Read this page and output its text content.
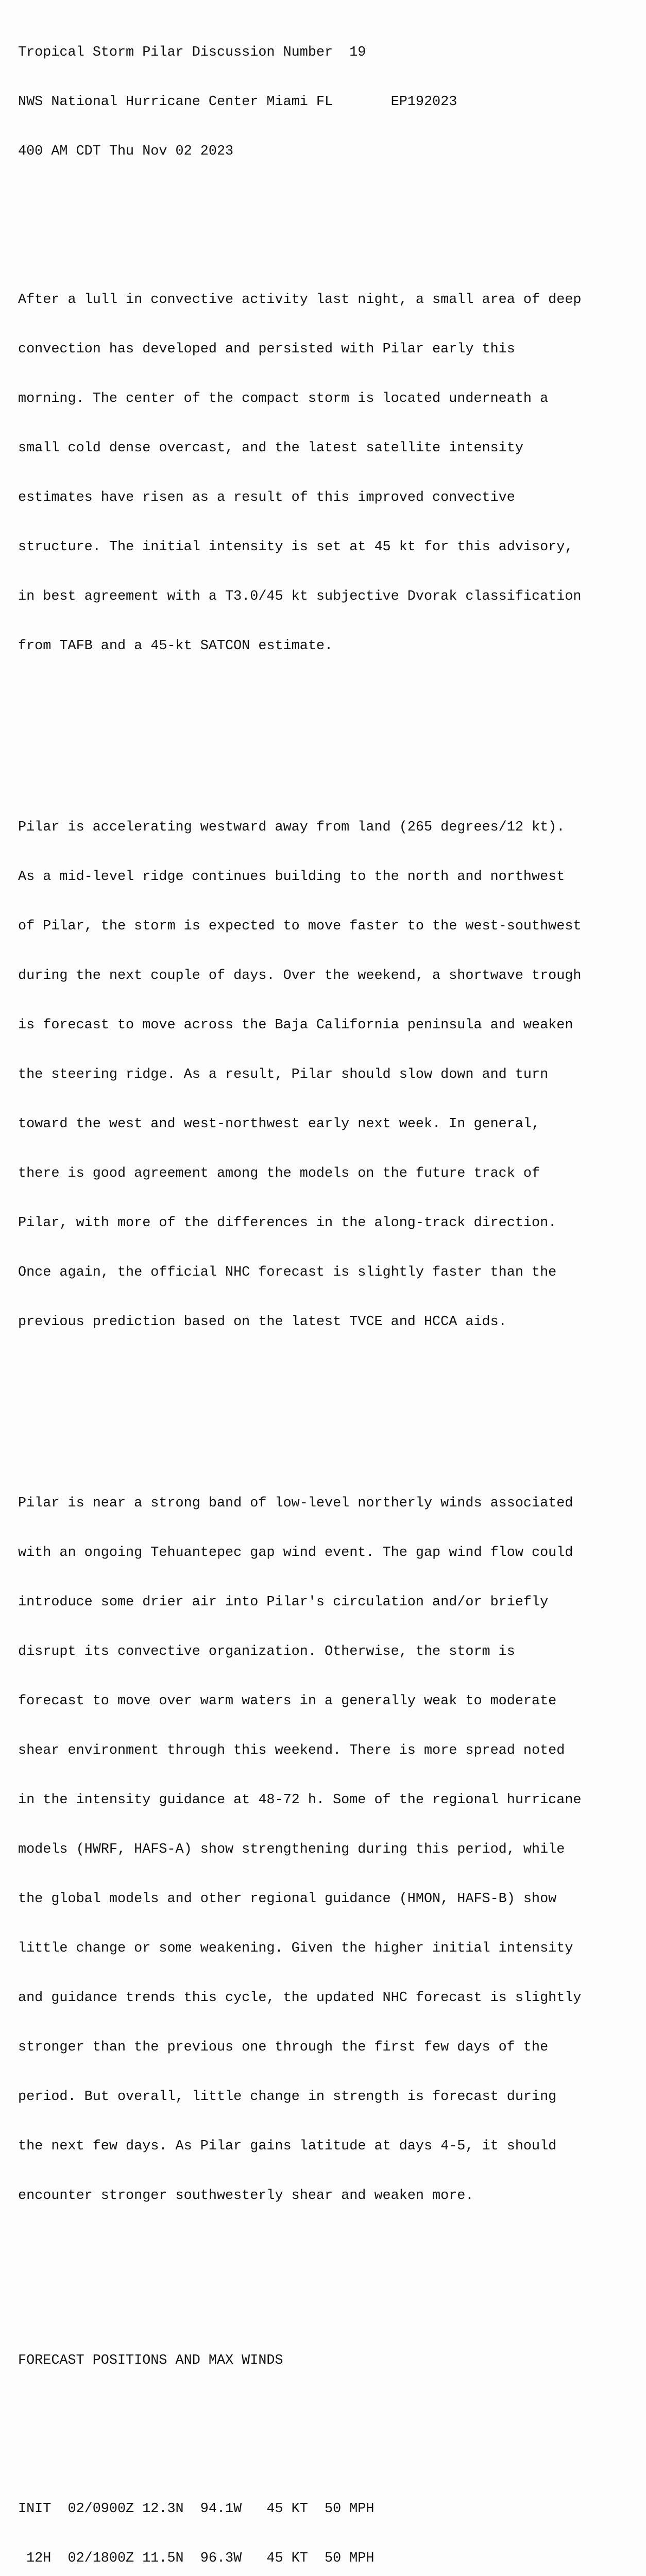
Tropical Storm Pilar Discussion Number  19

NWS National Hurricane Center Miami FL       EP192023

400 AM CDT Thu Nov 02 2023

After a lull in convective activity last night, a small area of deep

convection has developed and persisted with Pilar early this

morning. The center of the compact storm is located underneath a

small cold dense overcast, and the latest satellite intensity

estimates have risen as a result of this improved convective

structure. The initial intensity is set at 45 kt for this advisory,

in best agreement with a T3.0/45 kt subjective Dvorak classification

from TAFB and a 45-kt SATCON estimate.

Pilar is accelerating westward away from land (265 degrees/12 kt).

As a mid-level ridge continues building to the north and northwest

of Pilar, the storm is expected to move faster to the west-southwest

during the next couple of days. Over the weekend, a shortwave trough

is forecast to move across the Baja California peninsula and weaken

the steering ridge. As a result, Pilar should slow down and turn

toward the west and west-northwest early next week. In general,

there is good agreement among the models on the future track of

Pilar, with more of the differences in the along-track direction.

Once again, the official NHC forecast is slightly faster than the

previous prediction based on the latest TVCE and HCCA aids.

Pilar is near a strong band of low-level northerly winds associated

with an ongoing Tehuantepec gap wind event. The gap wind flow could

introduce some drier air into Pilar's circulation and/or briefly

disrupt its convective organization. Otherwise, the storm is

forecast to move over warm waters in a generally weak to moderate

shear environment through this weekend. There is more spread noted

in the intensity guidance at 48-72 h. Some of the regional hurricane

models (HWRF, HAFS-A) show strengthening during this period, while

the global models and other regional guidance (HMON, HAFS-B) show

little change or some weakening. Given the higher initial intensity

and guidance trends this cycle, the updated NHC forecast is slightly

stronger than the previous one through the first few days of the

period. But overall, little change in strength is forecast during

the next few days. As Pilar gains latitude at days 4-5, it should

encounter stronger southwesterly shear and weaken more.

FORECAST POSITIONS AND MAX WINDS

INIT  02/0900Z 12.3N  94.1W   45 KT  50 MPH

12H  02/1800Z 11.5N  96.3W   45 KT  50 MPH
